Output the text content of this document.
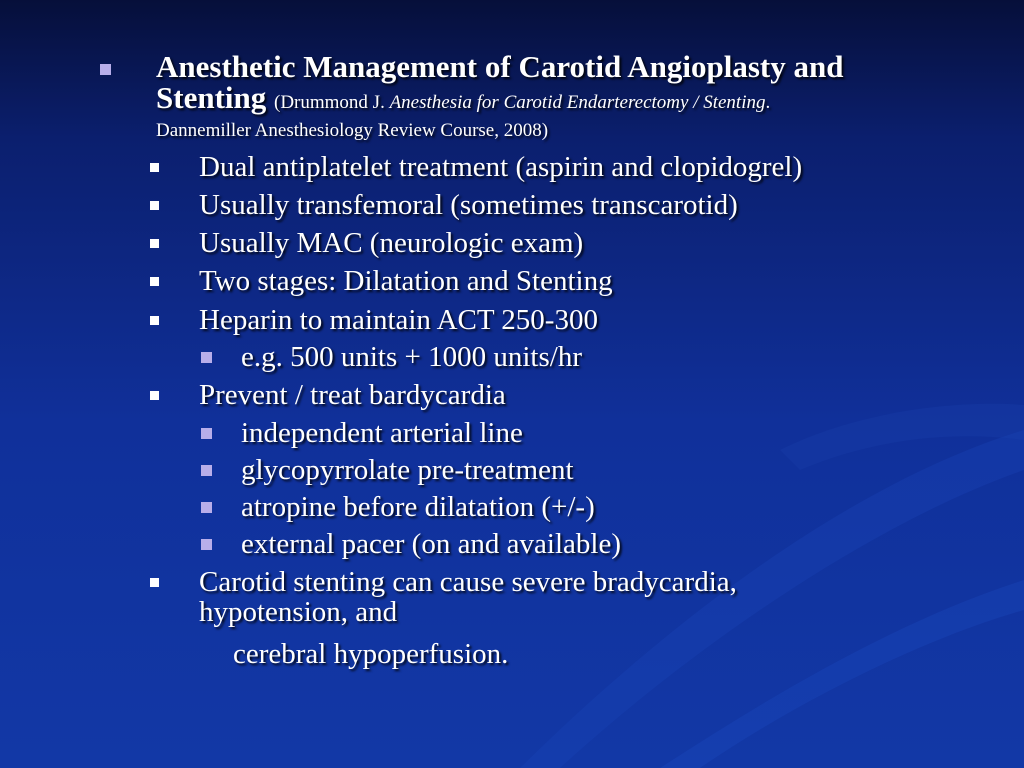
Anesthetic Management of Carotid Angioplasty and Stenting (Drummond J. Anesthesia for Carotid Endarterectomy / Stenting.
Dannemiller Anesthesiology Review Course, 2008)
Dual antiplatelet treatment (aspirin and clopidogrel)
Usually transfemoral (sometimes transcarotid)
Usually MAC (neurologic exam)
Two stages: Dilatation and Stenting
Heparin to maintain ACT 250-300
e.g. 500 units + 1000 units/hr
Prevent / treat bardycardia
independent arterial line
glycopyrrolate pre-treatment
atropine before dilatation (+/-)
external pacer (on and available)
Carotid stenting can cause severe bradycardia,
hypotension, and
cerebral hypoperfusion.
